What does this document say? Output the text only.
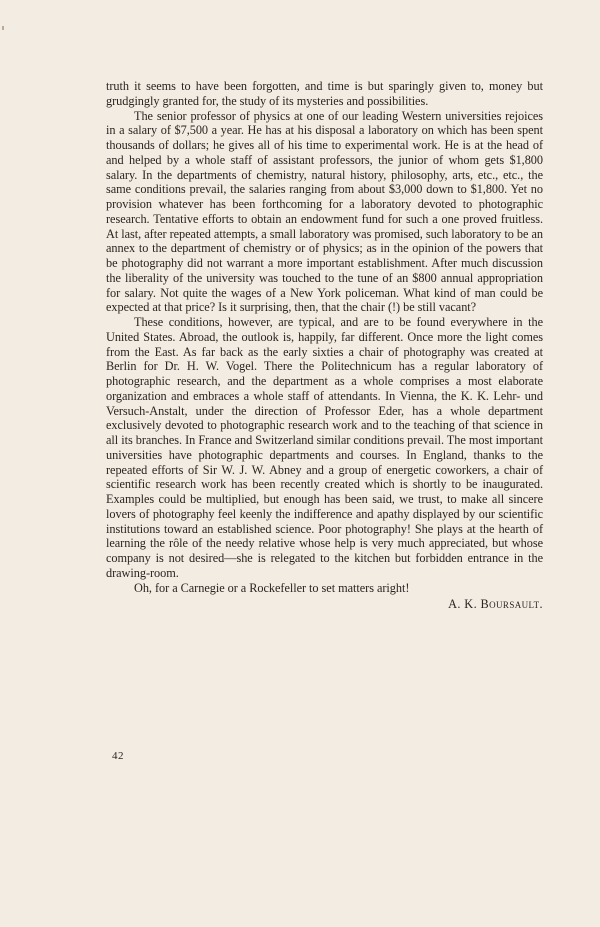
truth it seems to have been forgotten, and time is but sparingly given to, money but grudgingly granted for, the study of its mysteries and possibilities.

The senior professor of physics at one of our leading Western universities rejoices in a salary of $7,500 a year. He has at his disposal a laboratory on which has been spent thousands of dollars; he gives all of his time to experimental work. He is at the head of and helped by a whole staff of assistant professors, the junior of whom gets $1,800 salary. In the departments of chemistry, natural history, philosophy, arts, etc., etc., the same conditions prevail, the salaries ranging from about $3,000 down to $1,800. Yet no provision whatever has been forthcoming for a laboratory devoted to photographic research. Tentative efforts to obtain an endowment fund for such a one proved fruitless. At last, after repeated attempts, a small laboratory was promised, such laboratory to be an annex to the department of chemistry or of physics; as in the opinion of the powers that be photography did not warrant a more important establishment. After much discussion the liberality of the university was touched to the tune of an $800 annual appropriation for salary. Not quite the wages of a New York policeman. What kind of man could be expected at that price? Is it surprising, then, that the chair (!) be still vacant?

These conditions, however, are typical, and are to be found everywhere in the United States. Abroad, the outlook is, happily, far different. Once more the light comes from the East. As far back as the early sixties a chair of photography was created at Berlin for Dr. H. W. Vogel. There the Politechnicum has a regular laboratory of photographic research, and the department as a whole comprises a most elaborate organization and embraces a whole staff of attendants. In Vienna, the K. K. Lehr- und Versuch-Anstalt, under the direction of Professor Eder, has a whole department exclusively devoted to photographic research work and to the teaching of that science in all its branches. In France and Switzerland similar conditions prevail. The most important universities have photographic departments and courses. In England, thanks to the repeated efforts of Sir W. J. W. Abney and a group of energetic coworkers, a chair of scientific research work has been recently created which is shortly to be inaugurated. Examples could be multiplied, but enough has been said, we trust, to make all sincere lovers of photography feel keenly the indifference and apathy displayed by our scientific institutions toward an established science. Poor photography! She plays at the hearth of learning the rôle of the needy relative whose help is very much appreciated, but whose company is not desired—she is relegated to the kitchen but forbidden entrance in the drawing-room.

Oh, for a Carnegie or a Rockefeller to set matters aright!

A. K. Boursault.

42
